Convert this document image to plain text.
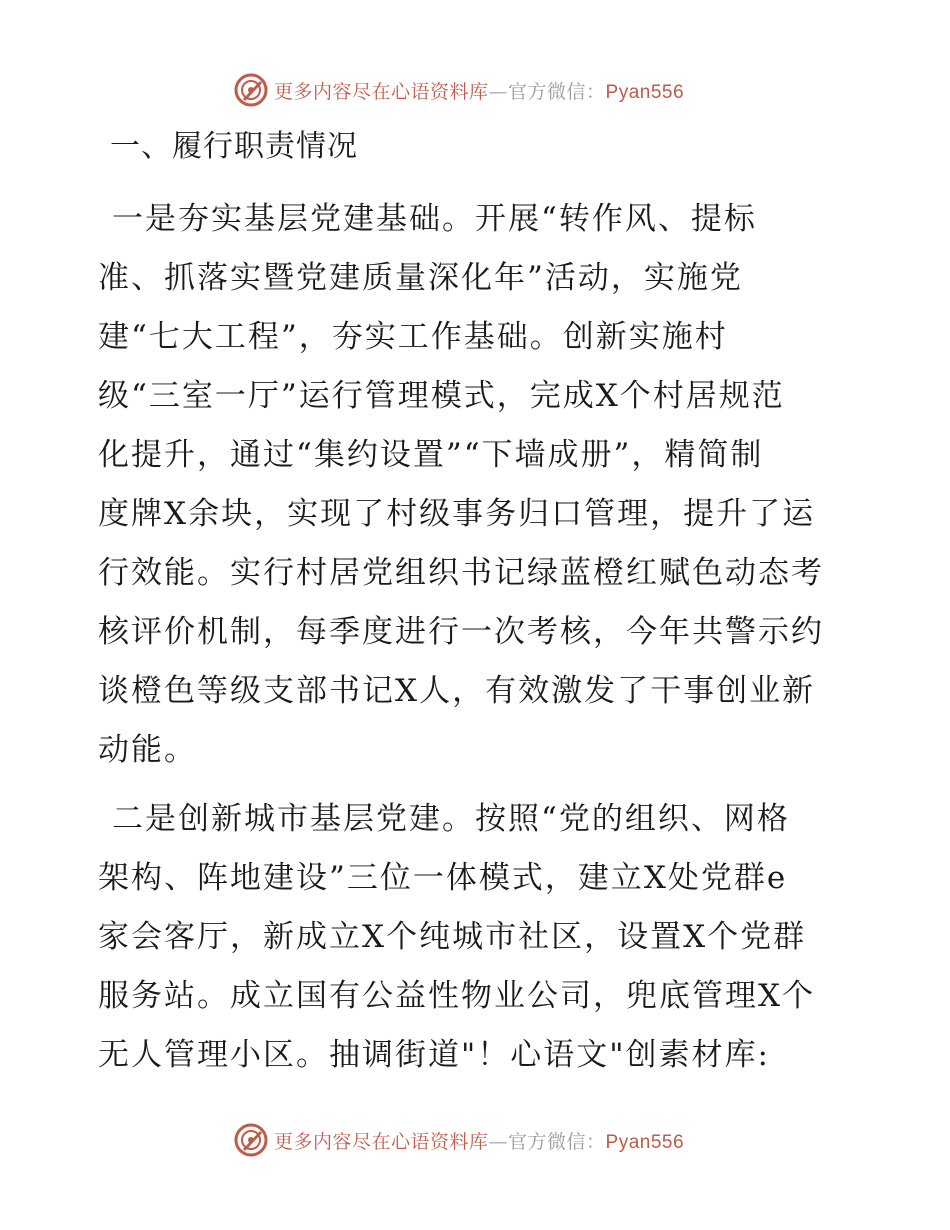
更多内容尽在心语资料库—官方微信：Pyan556
一、履行职责情况

一是夯实基层党建基础。开展“转作风、提标
准、抓落实暨党建质量深化年”活动，实施党
建“七大工程”，夯实工作基础。创新实施村
级“三室一厅”运行管理模式，完成X个村居规范
化提升，通过“集约设置”“下墙成册”，精简制
度牌X余块，实现了村级事务归口管理，提升了运
行效能。实行村居党组织书记绿蓝橙红赋色动态考
核评价机制，每季度进行一次考核，今年共警示约
谈橙色等级支部书记X人，有效激发了干事创业新
动能。

二是创新城市基层党建。按照“党的组织、网格
架构、阵地建设”三位一体模式，建立X处党群e
家会客厅，新成立X个纯城市社区，设置X个党群
服务站。成立国有公益性物业公司，兜底管理X个
无人管理小区。抽调街道"！心语文"创素材库:

更多内容尽在心语资料库—官方微信：Pyan556
